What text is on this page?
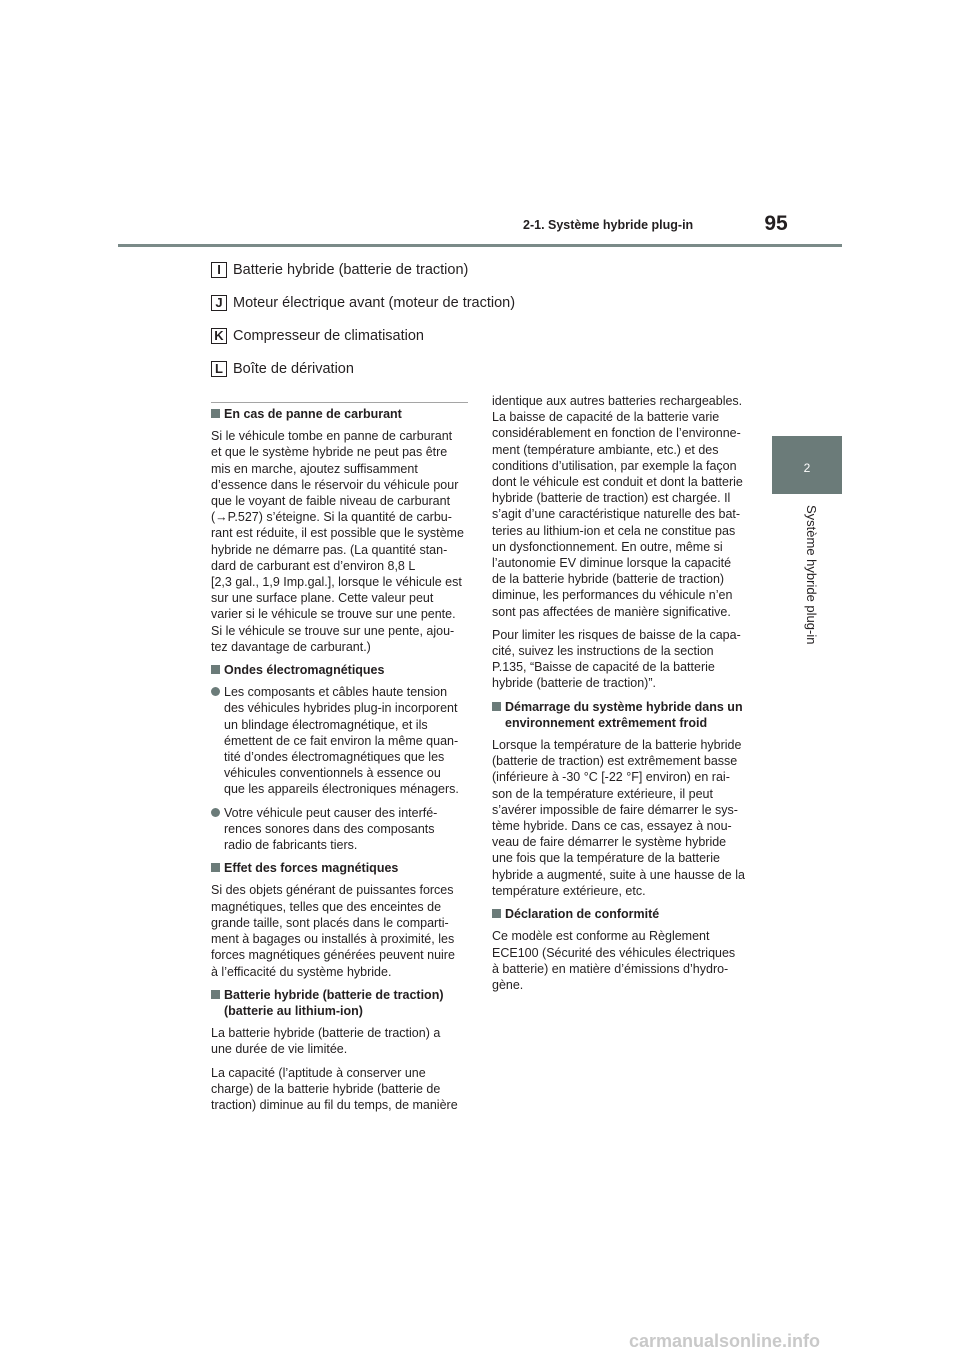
2-1. Système hybride plug-in	95
2
Système hybride plug-in
I Batterie hybride (batterie de traction)
J Moteur électrique avant (moteur de traction)
K Compresseur de climatisation
L Boîte de dérivation
En cas de panne de carburant
Si le véhicule tombe en panne de carburant
et que le système hybride ne peut pas être
mis en marche, ajoutez suffisamment
d’essence dans le réservoir du véhicule pour
que le voyant de faible niveau de carburant
(→P.527) s’éteigne. Si la quantité de carbu-
rant est réduite, il est possible que le système
hybride ne démarre pas. (La quantité stan-
dard de carburant est d’environ 8,8 L
[2,3 gal., 1,9 Imp.gal.], lorsque le véhicule est
sur une surface plane. Cette valeur peut
varier si le véhicule se trouve sur une pente.
Si le véhicule se trouve sur une pente, ajou-
tez davantage de carburant.)
Ondes électromagnétiques
Les composants et câbles haute tension
des véhicules hybrides plug-in incorporent
un blindage électromagnétique, et ils
émettent de ce fait environ la même quan-
tité d’ondes électromagnétiques que les
véhicules conventionnels à essence ou
que les appareils électroniques ménagers.
Votre véhicule peut causer des interfé-
rences sonores dans des composants
radio de fabricants tiers.
Effet des forces magnétiques
Si des objets générant de puissantes forces
magnétiques, telles que des enceintes de
grande taille, sont placés dans le comparti-
ment à bagages ou installés à proximité, les
forces magnétiques générées peuvent nuire
à l’efficacité du système hybride.
Batterie hybride (batterie de traction)
(batterie au lithium-ion)
La batterie hybride (batterie de traction) a
une durée de vie limitée.
La capacité (l’aptitude à conserver une
charge) de la batterie hybride (batterie de
traction) diminue au fil du temps, de manière
identique aux autres batteries rechargeables.
La baisse de capacité de la batterie varie
considérablement en fonction de l’environne-
ment (température ambiante, etc.) et des
conditions d’utilisation, par exemple la façon
dont le véhicule est conduit et dont la batterie
hybride (batterie de traction) est chargée. Il
s’agit d’une caractéristique naturelle des bat-
teries au lithium-ion et cela ne constitue pas
un dysfonctionnement. En outre, même si
l’autonomie EV diminue lorsque la capacité
de la batterie hybride (batterie de traction)
diminue, les performances du véhicule n’en
sont pas affectées de manière significative.
Pour limiter les risques de baisse de la capa-
cité, suivez les instructions de la section
P.135, “Baisse de capacité de la batterie
hybride (batterie de traction)”.
Démarrage du système hybride dans un
environnement extrêmement froid
Lorsque la température de la batterie hybride
(batterie de traction) est extrêmement basse
(inférieure à -30 °C [-22 °F] environ) en rai-
son de la température extérieure, il peut
s’avérer impossible de faire démarrer le sys-
tème hybride. Dans ce cas, essayez à nou-
veau de faire démarrer le système hybride
une fois que la température de la batterie
hybride a augmenté, suite à une hausse de la
température extérieure, etc.
Déclaration de conformité
Ce modèle est conforme au Règlement
ECE100 (Sécurité des véhicules électriques
à batterie) en matière d’émissions d’hydro-
gène.
carmanualsonline.info
